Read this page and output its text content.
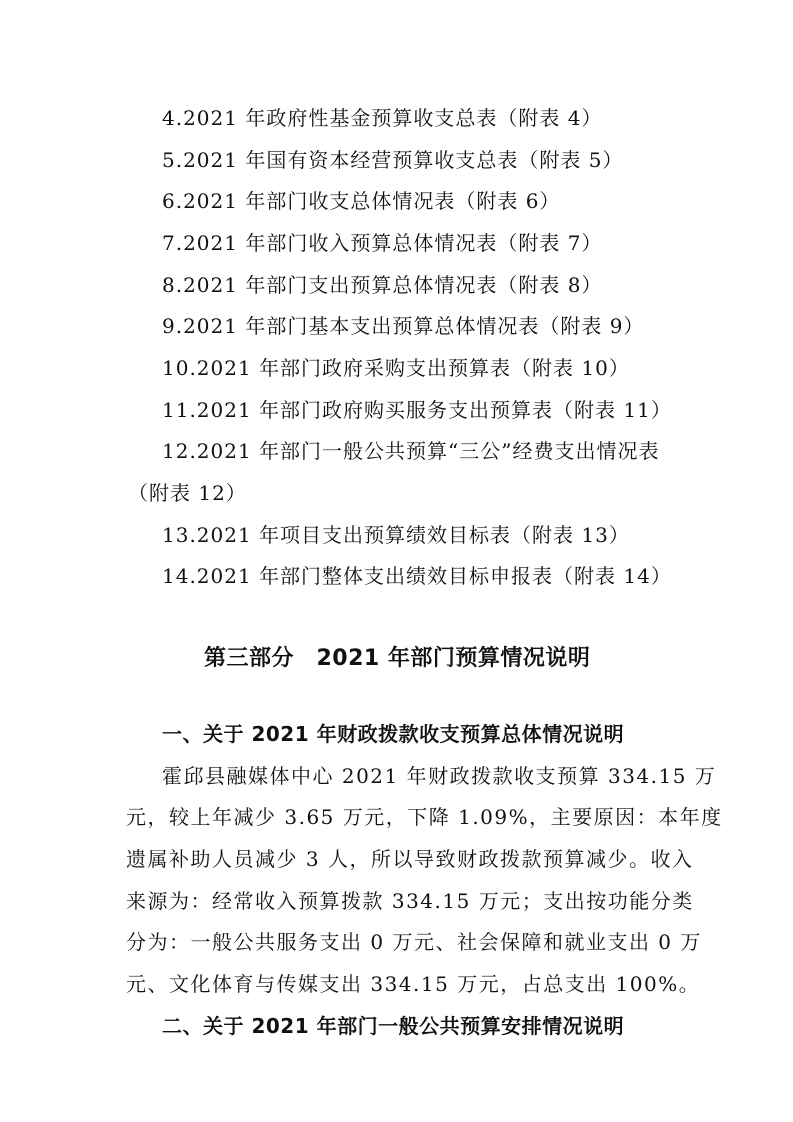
4.2021 年政府性基金预算收支总表（附表 4）
5.2021 年国有资本经营预算收支总表（附表 5）
6.2021 年部门收支总体情况表（附表 6）
7.2021 年部门收入预算总体情况表（附表 7）
8.2021 年部门支出预算总体情况表（附表 8）
9.2021 年部门基本支出预算总体情况表（附表 9）
10.2021 年部门政府采购支出预算表（附表 10）
11.2021 年部门政府购买服务支出预算表（附表 11）
12.2021 年部门一般公共预算“三公”经费支出情况表
（附表 12）
13.2021 年项目支出预算绩效目标表（附表 13）
14.2021 年部门整体支出绩效目标申报表（附表 14）
第三部分　2021 年部门预算情况说明
一、关于 2021 年财政拨款收支预算总体情况说明
霍邱县融媒体中心 2021 年财政拨款收支预算 334.15 万
元，较上年减少 3.65 万元，下降 1.09%，主要原因：本年度
遗属补助人员减少 3 人，所以导致财政拨款预算减少。收入
来源为：经常收入预算拨款 334.15 万元；支出按功能分类
分为：一般公共服务支出 0 万元、社会保障和就业支出 0 万
元、文化体育与传媒支出 334.15 万元，占总支出 100%。
二、关于 2021 年部门一般公共预算安排情况说明
